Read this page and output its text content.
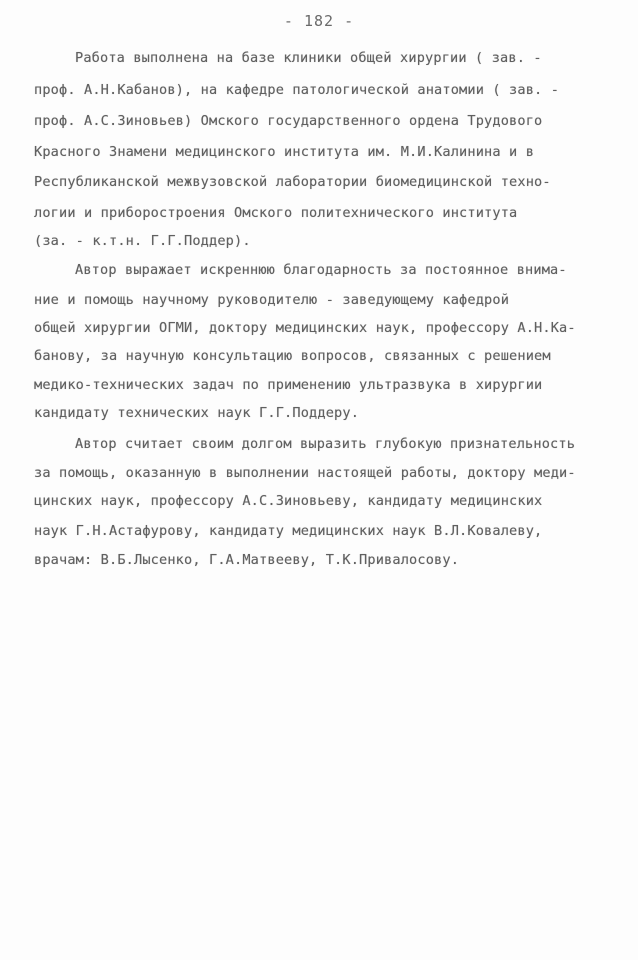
- 182 -
Работа выполнена на базе клиники общей хирургии ( зав. -
проф. А.Н.Кабанов), на кафедре патологической анатомии ( зав. -
проф. А.С.Зиновьев) Омского государственного ордена Трудового
Красного Знамени медицинского института им. М.И.Калинина и в
Республиканской межвузовской лаборатории биомедицинской техно-
логии и приборостроения Омского политехнического института
(за. - к.т.н. Г.Г.Поддер).
Автор выражает искреннюю благодарность за постоянное внима-
ние и помощь научному руководителю - заведующему кафедрой
общей хирургии ОГМИ, доктору медицинских наук, профессору А.Н.Ка-
банову, за научную консультацию вопросов, связанных с решением
медико-технических задач по применению ультразвука в хирургии
кандидату технических наук Г.Г.Поддеру.
Автор считает своим долгом выразить глубокую признательность
за помощь, оказанную в выполнении настоящей работы, доктору меди-
цинских наук, профессору А.С.Зиновьеву, кандидату медицинских
наук Г.Н.Астафурову, кандидату медицинских наук В.Л.Ковалеву,
врачам: В.Б.Лысенко, Г.А.Матвееву, Т.К.Привалосову.
